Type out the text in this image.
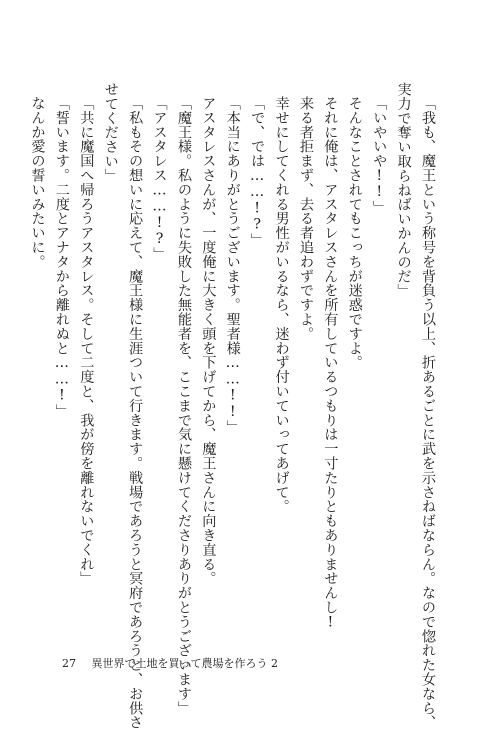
「我も、魔王という称号を背負う以上、折あるごとに武を示さねばならん。なので惚れた女なら、
実力で奪い取らねばいかんのだ」
「いやいや!!」
そんなことされてもこっちが迷惑ですよ。
それに俺は、アスタレスさんを所有しているつもりは一寸たりともありませんし!
来る者拒まず、去る者追わずですよ。
幸せにしてくれる男性がいるなら、迷わず付いていってあげて。
「で、では……!?」
「本当にありがとうございます。聖者様……!!」
アスタレスさんが、一度俺に大きく頭を下げてから、魔王さんに向き直る。
「魔王様。私のように失敗した無能者を、ここまで気に懸けてくださりありがとうございます」
「アスタレス……!?」
「私もその想いに応えて、魔王様に生涯ついて行きます。戦場であろうと冥府であろうと、お供さ
せてください」
「共に魔国へ帰ろうアスタレス。そして二度と、我が傍を離れないでくれ」
「誓います。二度とアナタから離れぬと……!」
なんか愛の誓いみたいに。
27 異世界で土地を買って農場を作ろう 2
